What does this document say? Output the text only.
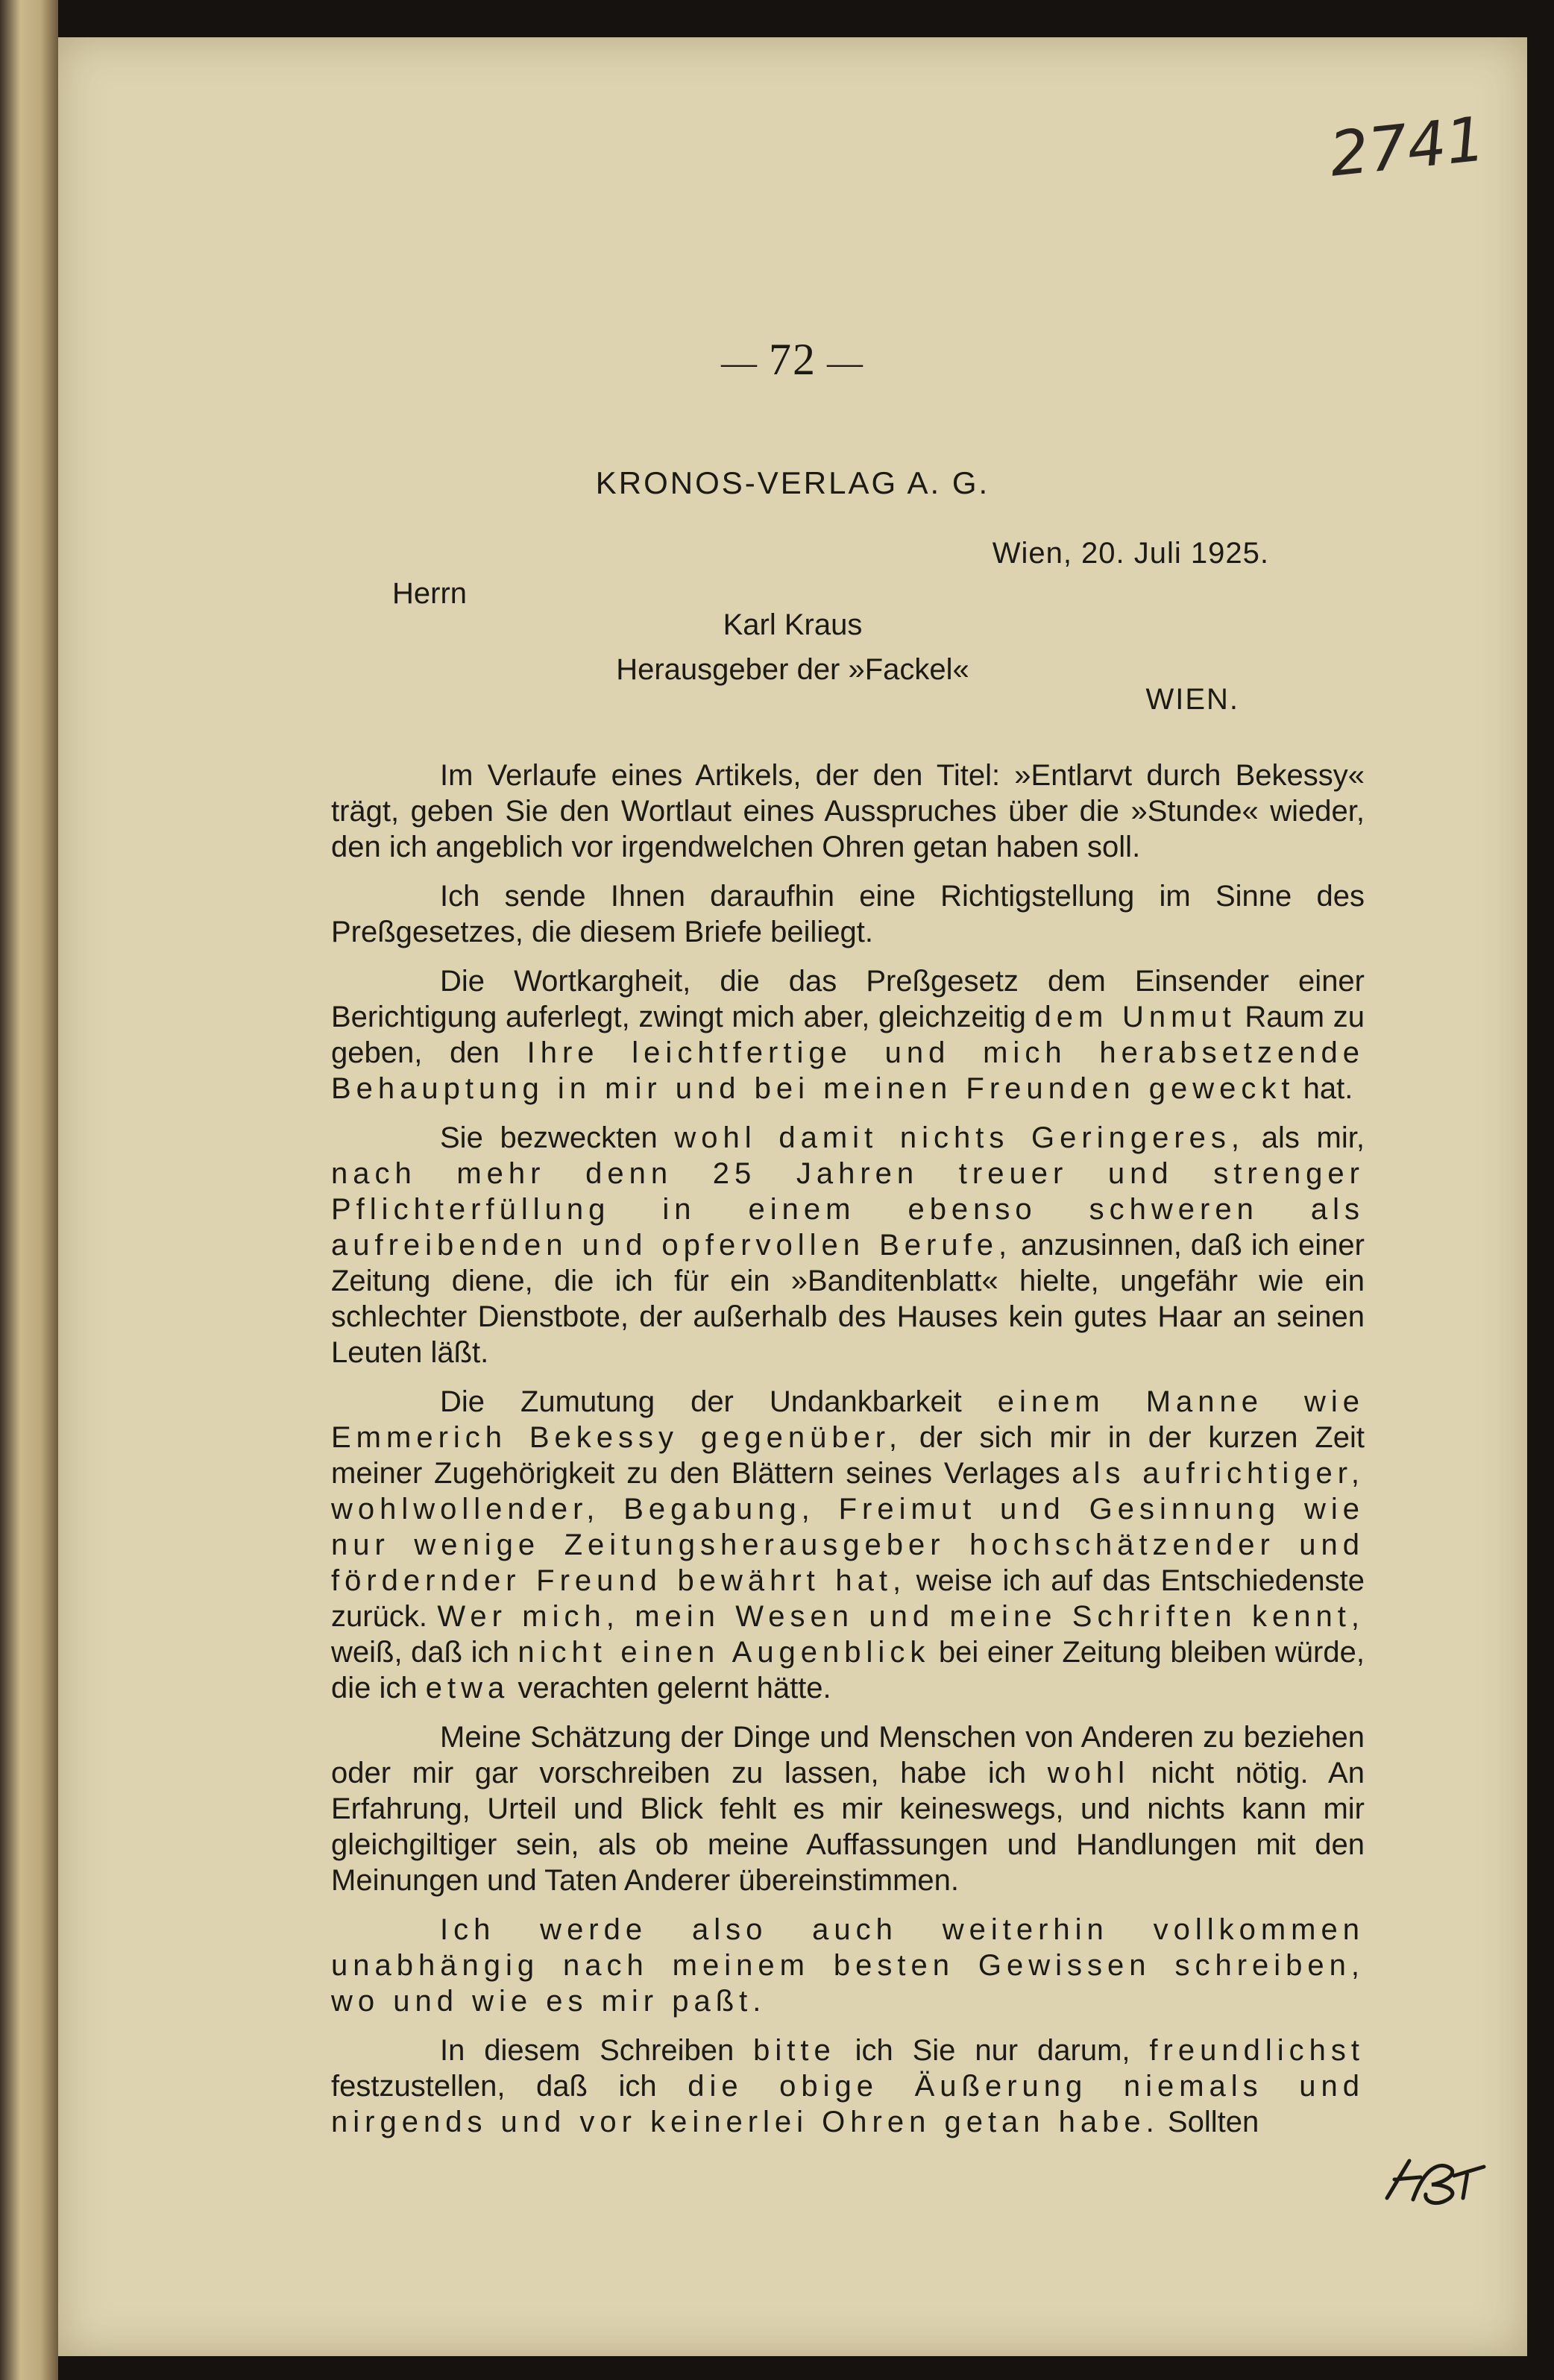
2741
— 72 —
KRONOS-VERLAG A. G.
Wien, 20. Juli 1925.
Herrn
Karl Kraus
Herausgeber der »Fackel«
WIEN.

Im Verlaufe eines Artikels, der den Titel: »Entlarvt durch Bekessy« trägt, geben Sie den Wortlaut eines Ausspruches über die »Stunde« wieder, den ich angeblich vor irgendwelchen Ohren getan haben soll.

Ich sende Ihnen daraufhin eine Richtigstellung im Sinne des Preßgesetzes, die diesem Briefe beiliegt.

Die Wortkargheit, die das Preßgesetz dem Einsender einer Berichtigung auferlegt, zwingt mich aber, gleichzeitig dem Unmut Raum zu geben, den Ihre leichtfertige und mich herabsetzende Behauptung in mir und bei meinen Freunden geweckt hat.

Sie bezweckten wohl damit nichts Geringeres, als mir, nach mehr denn 25 Jahren treuer und strenger Pflichterfüllung in einem ebenso schweren als aufreibenden und opfervollen Berufe, anzusinnen, daß ich einer Zeitung diene, die ich für ein »Banditenblatt« hielte, ungefähr wie ein schlechter Dienstbote, der außerhalb des Hauses kein gutes Haar an seinen Leuten läßt.

Die Zumutung der Undankbarkeit einem Manne wie Emmerich Bekessy gegenüber, der sich mir in der kurzen Zeit meiner Zugehörigkeit zu den Blättern seines Verlages als aufrichtiger, wohlwollender, Begabung, Freimut und Gesinnung wie nur wenige Zeitungsherausgeber hochschätzender und fördernder Freund bewährt hat, weise ich auf das Entschiedenste zurück. Wer mich, mein Wesen und meine Schriften kennt, weiß, daß ich nicht einen Augenblick bei einer Zeitung bleiben würde, die ich etwa verachten gelernt hätte.

Meine Schätzung der Dinge und Menschen von Anderen zu beziehen oder mir gar vorschreiben zu lassen, habe ich wohl nicht nötig. An Erfahrung, Urteil und Blick fehlt es mir keineswegs, und nichts kann mir gleichgiltiger sein, als ob meine Auffassungen und Handlungen mit den Meinungen und Taten Anderer übereinstimmen.

Ich werde also auch weiterhin vollkommen unabhängig nach meinem besten Gewissen schreiben, wo und wie es mir paßt.

In diesem Schreiben bitte ich Sie nur darum, freundlichst festzustellen, daß ich die obige Äußerung niemals und nirgends und vor keinerlei Ohren getan habe. Sollten
